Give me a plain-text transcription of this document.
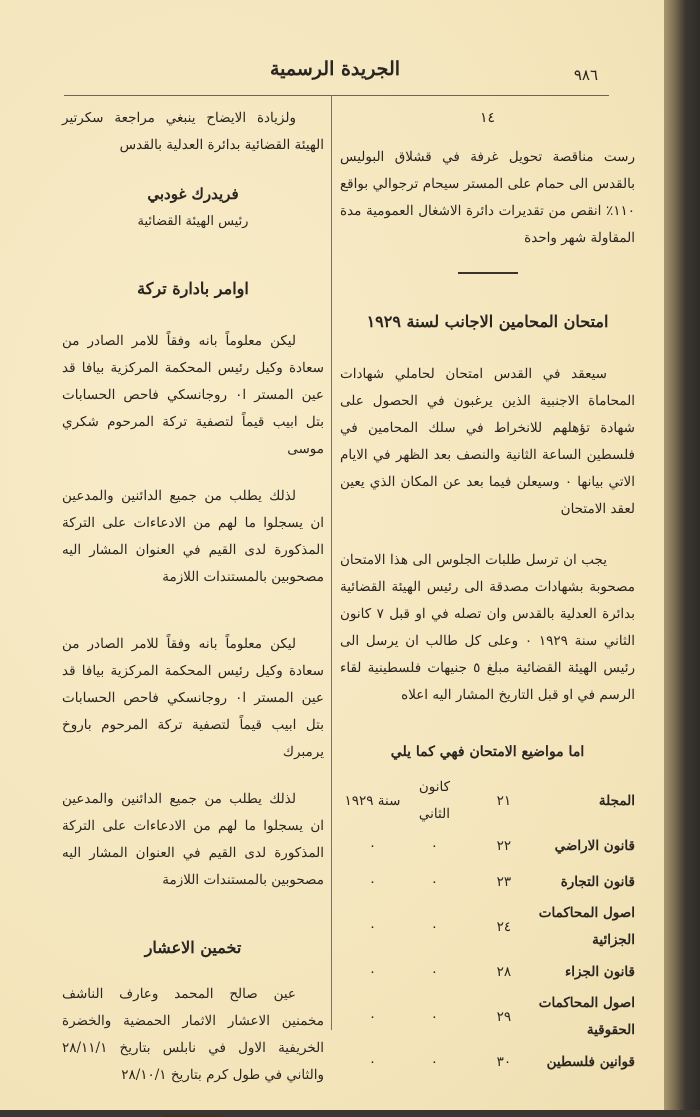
٩٨٦
الجريدة الرسمية

١٤

رست مناقصة تحويل غرفة في قشلاق البوليس بالقدس الى حمام على المستر سيحام ترجوالي بواقع ١١٠٪ انقص من تقديرات دائرة الاشغال العمومية مدة المقاولة شهر واحدة

امتحان المحامين الاجانب لسنة ١٩٢٩

سيعقد في القدس امتحان لحاملي شهادات المحاماة الاجنبية الذين يرغبون في الحصول على شهادة تؤهلهم للانخراط في سلك المحامين في فلسطين الساعة الثانية والنصف بعد الظهر في الايام الاتي بيانها ٠ وسيعلن فيما بعد عن المكان الذي يعين لعقد الامتحان

يجب ان ترسل طلبات الجلوس الى هذا الامتحان مصحوبة بشهادات مصدقة الى رئيس الهيئة القضائية بدائرة العدلية بالقدس وان تصله في او قبل ٧ كانون الثاني سنة ١٩٢٩ ٠ وعلى كل طالب ان يرسل الى رئيس الهيئة القضائية مبلغ ٥ جنيهات فلسطينية لقاء الرسم في او قبل التاريخ المشار اليه اعلاه

اما مواضيع الامتحان فهي كما يلي

المجلة	٢١	كانون الثاني	سنة ١٩٢٩
قانون الاراضي	٢٢	٠	٠
قانون التجارة	٢٣	٠	٠
اصول المحاكمات الجزائية	٢٤	٠	٠
قانون الجزاء	٢٨	٠	٠
اصول المحاكمات الحقوقية	٢٩	٠	٠
قوانين فلسطين	٣٠	٠	٠

ولزيادة الايضاح ينبغي مراجعة سكرتير الهيئة القضائية بدائرة العدلية بالقدس

فريدرك غودبي

رئيس الهيئة القضائية

اوامر بادارة تركة

ليكن معلوماً بانه وفقاً للامر الصادر من سعادة وكيل رئيس المحكمة المركزية بيافا قد عين المستر ا٠ روجانسكي فاحص الحسابات بتل ابيب قيماً لتصفية تركة المرحوم شكري موسى

لذلك يطلب من جميع الدائنين والمدعين ان يسجلوا ما لهم من الادعاءات على التركة المذكورة لدى القيم في العنوان المشار اليه مصحوبين بالمستندات اللازمة

ليكن معلوماً بانه وفقاً للامر الصادر من سعادة وكيل رئيس المحكمة المركزية بيافا قد عين المستر ا٠ روجانسكي فاحص الحسابات بتل ابيب قيماً لتصفية تركة المرحوم باروخ يرمبرك

لذلك يطلب من جميع الدائنين والمدعين ان يسجلوا ما لهم من الادعاءات على التركة المذكورة لدى القيم في العنوان المشار اليه مصحوبين بالمستندات اللازمة

تخمين الاعشار

عين صالح المحمد وعارف الناشف مخمنين الاعشار الاثمار الحمضية والخضرة الخريفية الاول في نابلس بتاريخ ٢٨/١١/١ والثاني في طول كرم بتاريخ ٢٨/١٠/١
